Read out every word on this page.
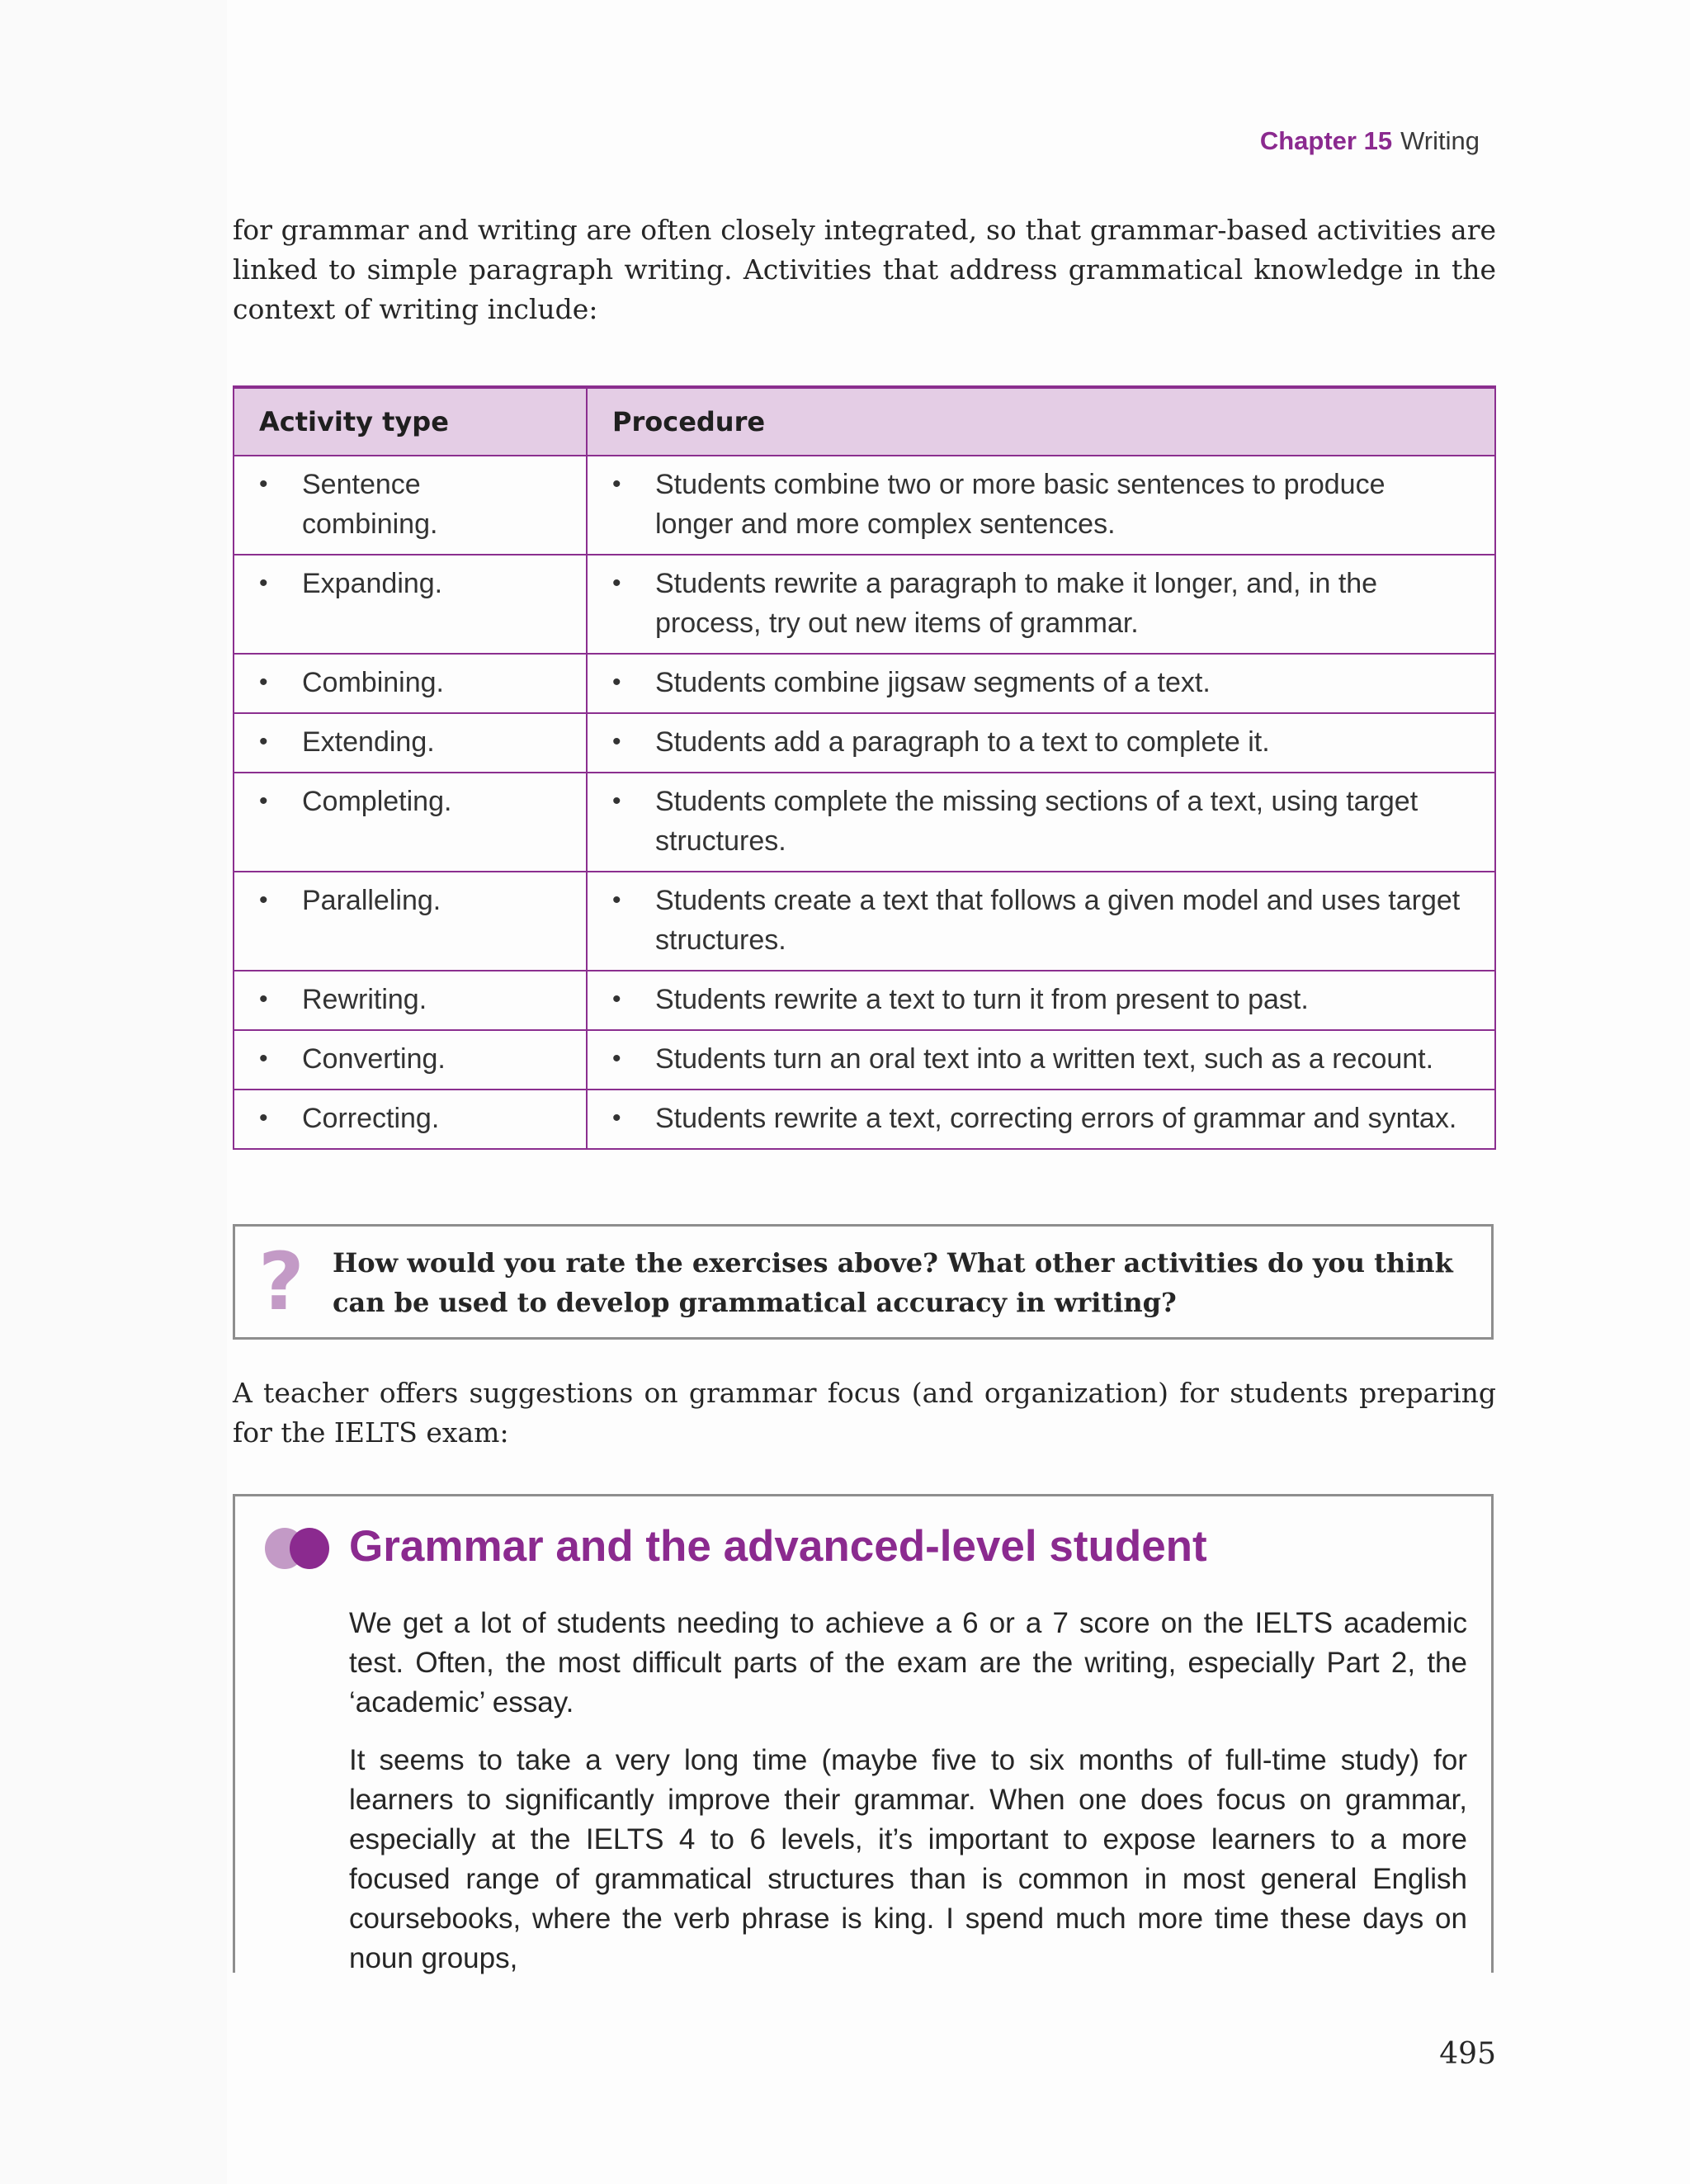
Chapter 15 Writing

for grammar and writing are often closely integrated, so that grammar-based activities are linked to simple paragraph writing. Activities that address grammatical knowledge in the context of writing include:

Activity type	Procedure

• Sentence combining.	• Students combine two or more basic sentences to produce longer and more complex sentences.

• Expanding.	• Students rewrite a paragraph to make it longer, and, in the process, try out new items of grammar.

• Combining.	• Students combine jigsaw segments of a text.

• Extending.	• Students add a paragraph to a text to complete it.

• Completing.	• Students complete the missing sections of a text, using target structures.

• Paralleling.	• Students create a text that follows a given model and uses target structures.

• Rewriting.	• Students rewrite a text to turn it from present to past.

• Converting.	• Students turn an oral text into a written text, such as a recount.

• Correcting.	• Students rewrite a text, correcting errors of grammar and syntax.
? How would you rate the exercises above? What other activities do you think can be used to develop grammatical accuracy in writing?

A teacher offers suggestions on grammar focus (and organization) for students preparing for the IELTS exam:

Grammar and the advanced-level student

We get a lot of students needing to achieve a 6 or a 7 score on the IELTS academic test. Often, the most difficult parts of the exam are the writing, especially Part 2, the ‘academic’ essay.

It seems to take a very long time (maybe five to six months of full-time study) for learners to significantly improve their grammar. When one does focus on grammar, especially at the IELTS 4 to 6 levels, it’s important to expose learners to a more focused range of grammatical structures than is common in most general English coursebooks, where the verb phrase is king. I spend much more time these days on noun groups,

495
